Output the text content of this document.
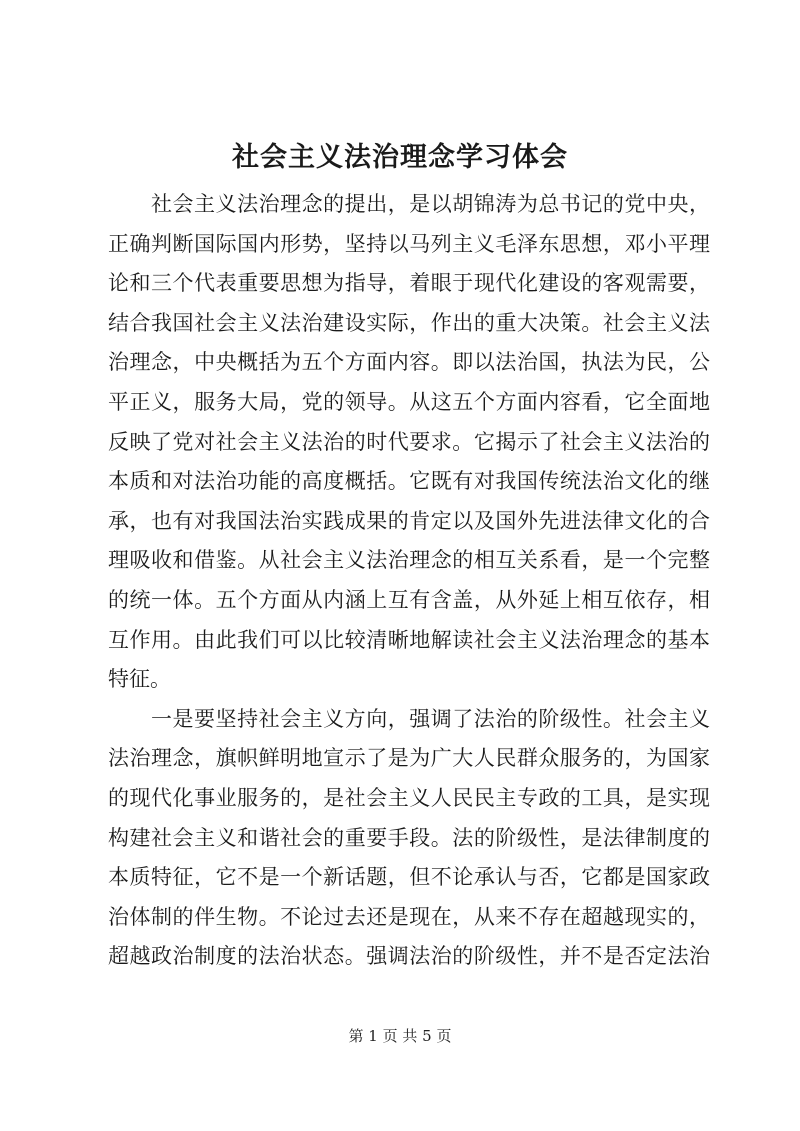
社会主义法治理念学习体会
社会主义法治理念的提出，是以胡锦涛为总书记的党中央，
正确判断国际国内形势，坚持以马列主义毛泽东思想，邓小平理
论和三个代表重要思想为指导，着眼于现代化建设的客观需要，
结合我国社会主义法治建设实际，作出的重大决策。社会主义法
治理念，中央概括为五个方面内容。即以法治国，执法为民，公
平正义，服务大局，党的领导。从这五个方面内容看，它全面地
反映了党对社会主义法治的时代要求。它揭示了社会主义法治的
本质和对法治功能的高度概括。它既有对我国传统法治文化的继
承，也有对我国法治实践成果的肯定以及国外先进法律文化的合
理吸收和借鉴。从社会主义法治理念的相互关系看，是一个完整
的统一体。五个方面从内涵上互有含盖，从外延上相互依存，相
互作用。由此我们可以比较清晰地解读社会主义法治理念的基本
特征。
一是要坚持社会主义方向，强调了法治的阶级性。社会主义
法治理念，旗帜鲜明地宣示了是为广大人民群众服务的，为国家
的现代化事业服务的，是社会主义人民民主专政的工具，是实现
构建社会主义和谐社会的重要手段。法的阶级性，是法律制度的
本质特征，它不是一个新话题，但不论承认与否，它都是国家政
治体制的伴生物。不论过去还是现在，从来不存在超越现实的，
超越政治制度的法治状态。强调法治的阶级性，并不是否定法治
第 1 页 共 5 页
